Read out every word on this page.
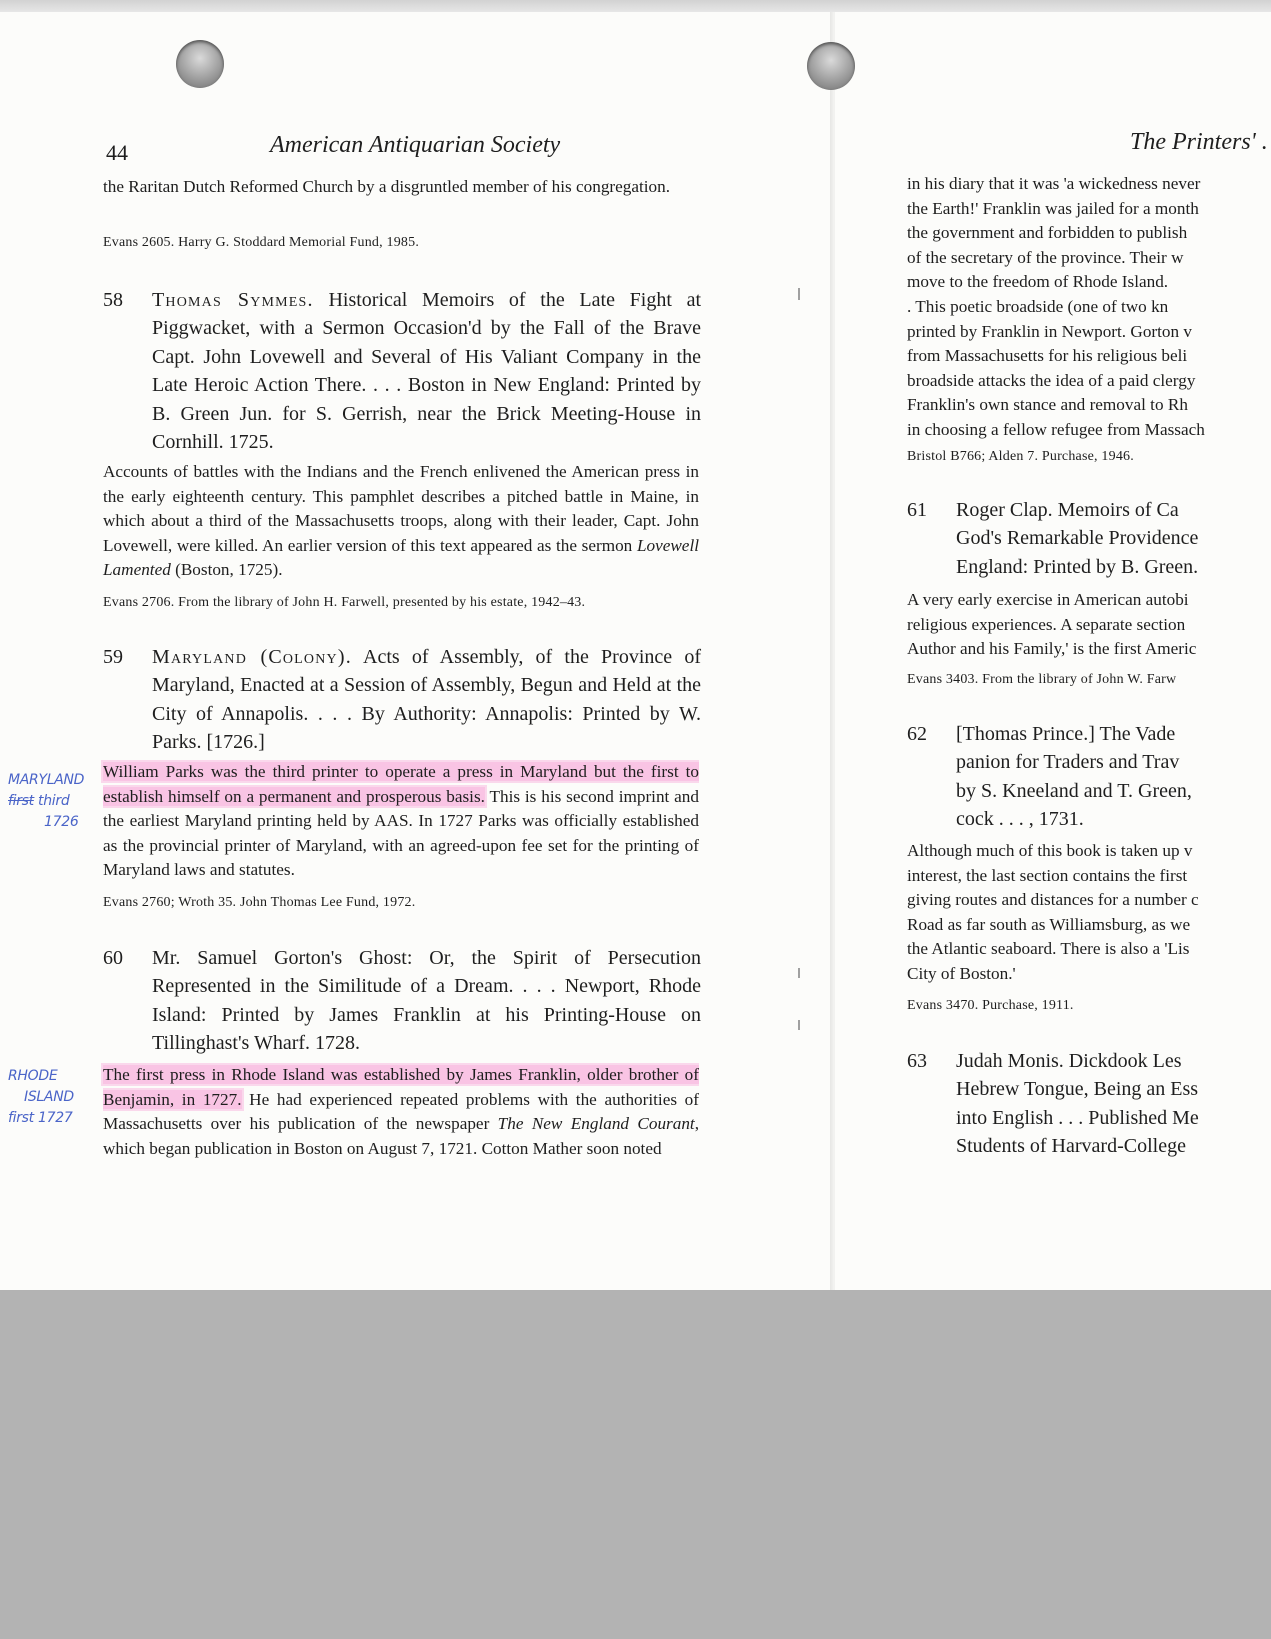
44	American Antiquarian Society
the Raritan Dutch Reformed Church by a disgruntled member of his congregation.
Evans 2605. Harry G. Stoddard Memorial Fund, 1985.
58 Thomas Symmes. Historical Memoirs of the Late Fight at Piggwacket, with a Sermon Occasion'd by the Fall of the Brave Capt. John Lovewell and Several of His Valiant Company in the Late Heroic Action There. . . . Boston in New England: Printed by B. Green Jun. for S. Gerrish, near the Brick Meeting-House in Cornhill. 1725.
Accounts of battles with the Indians and the French enlivened the American press in the early eighteenth century. This pamphlet describes a pitched battle in Maine, in which about a third of the Massachusetts troops, along with their leader, Capt. John Lovewell, were killed. An earlier version of this text appeared as the sermon Lovewell Lamented (Boston, 1725).
Evans 2706. From the library of John H. Farwell, presented by his estate, 1942–43.
59 Maryland (Colony). Acts of Assembly, of the Province of Maryland, Enacted at a Session of Assembly, Begun and Held at the City of Annapolis. . . . By Authority: Annapolis: Printed by W. Parks. [1726.]
William Parks was the third printer to operate a press in Maryland but the first to establish himself on a permanent and prosperous basis. This is his second imprint and the earliest Maryland printing held by AAS. In 1727 Parks was officially established as the provincial printer of Maryland, with an agreed-upon fee set for the printing of Maryland laws and statutes.
Evans 2760; Wroth 35. John Thomas Lee Fund, 1972.
60 Mr. Samuel Gorton's Ghost: Or, the Spirit of Persecution Represented in the Similitude of a Dream. . . . Newport, Rhode Island: Printed by James Franklin at his Printing-House on Tillinghast's Wharf. 1728.
The first press in Rhode Island was established by James Franklin, older brother of Benjamin, in 1727. He had experienced repeated problems with the authorities of Massachusetts over his publication of the newspaper The New England Courant, which began publication in Boston on August 7, 1721. Cotton Mather soon noted
MARYLAND
first third
1726
RHODE
ISLAND
first 1727
The Printers' .
in his diary that it was 'a wickedness never
the Earth!' Franklin was jailed for a month
the government and forbidden to publish
of the secretary of the province. Their w
move to the freedom of Rhode Island.
. This poetic broadside (one of two kn
printed by Franklin in Newport. Gorton v
from Massachusetts for his religious beli
broadside attacks the idea of a paid clergy
Franklin's own stance and removal to Rh
in choosing a fellow refugee from Massach
Bristol B766; Alden 7. Purchase, 1946.
61 Roger Clap. Memoirs of Ca
God's Remarkable Providence
England: Printed by B. Green.
A very early exercise in American autobi
religious experiences. A separate section
Author and his Family,' is the first Americ
Evans 3403. From the library of John W. Farw
62 [Thomas Prince.] The Vade
panion for Traders and Trav
by S. Kneeland and T. Green,
cock . . . , 1731.
Although much of this book is taken up v
interest, the last section contains the first
giving routes and distances for a number c
Road as far south as Williamsburg, as we
the Atlantic seaboard. There is also a 'Lis
City of Boston.'
Evans 3470. Purchase, 1911.
63 Judah Monis. Dickdook Les
Hebrew Tongue, Being an Ess
into English . . . Published Me
Students of Harvard-College
